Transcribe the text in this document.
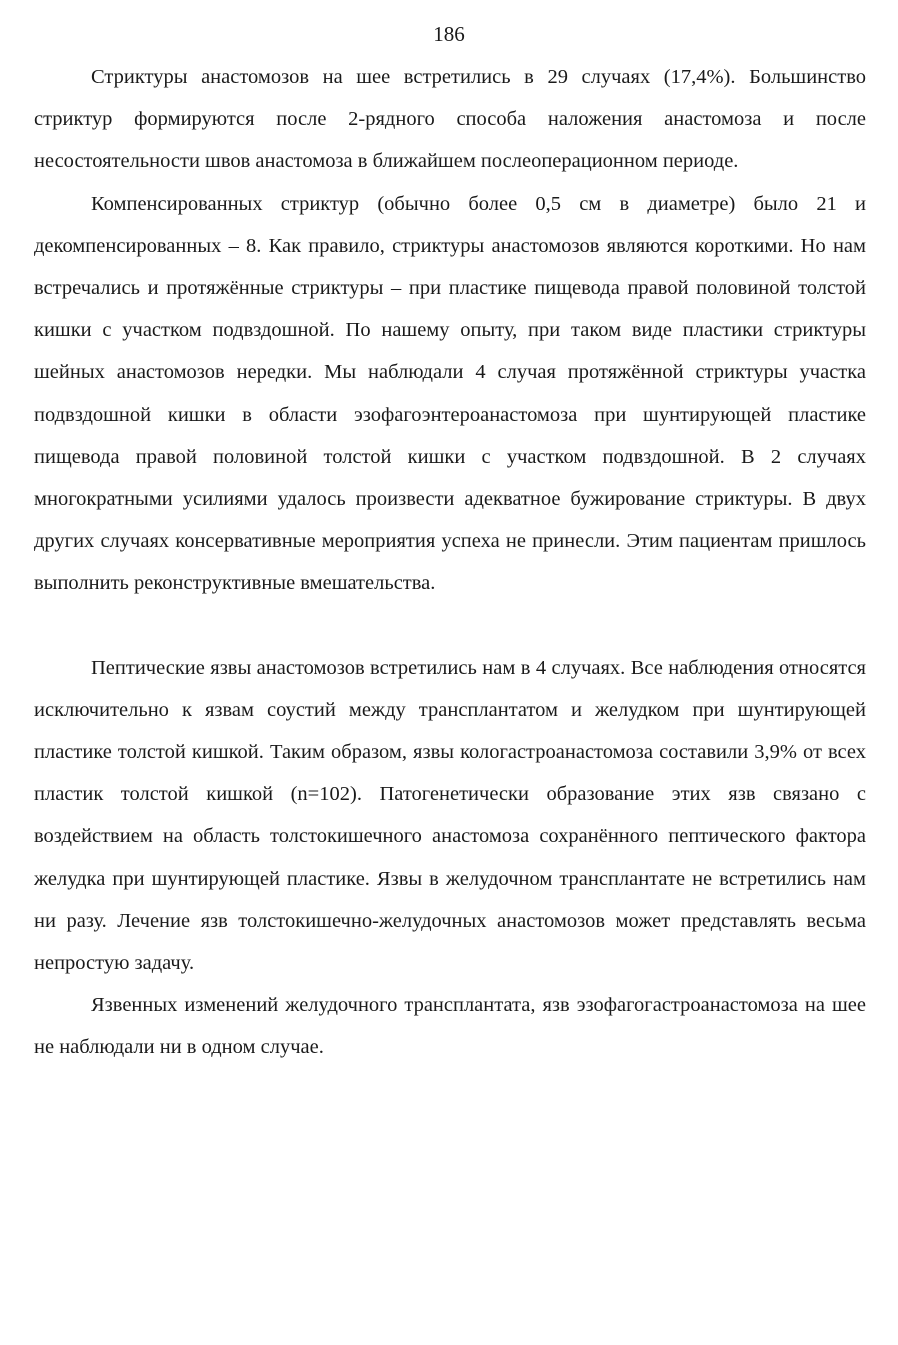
186

Стриктуры анастомозов на шее встретились в 29 случаях (17,4%). Большинство стриктур формируются после 2-рядного способа наложения анастомоза и после несостоятельности швов анастомоза в ближайшем послеоперационном периоде.

Компенсированных стриктур (обычно более 0,5 см в диаметре) было 21 и декомпенсированных – 8. Как правило, стриктуры анастомозов являются короткими. Но нам встречались и протяжённые стриктуры – при пластике пищевода правой половиной толстой кишки с участком подвздошной. По нашему опыту, при таком виде пластики стриктуры шейных анастомозов нередки. Мы наблюдали 4 случая протяжённой стриктуры участка подвздошной кишки в области эзофагоэнтероанастомоза при шунтирующей пластике пищевода правой половиной толстой кишки с участком подвздошной. В 2 случаях многократными усилиями удалось произвести адекватное бужирование стриктуры. В двух других случаях консервативные мероприятия успеха не принесли. Этим пациентам пришлось выполнить реконструктивные вмешательства.

Пептические язвы анастомозов встретились нам в 4 случаях. Все наблюдения относятся исключительно к язвам соустий между трансплантатом и желудком при шунтирующей пластике толстой кишкой. Таким образом, язвы кологастроанастомоза составили 3,9% от всех пластик толстой кишкой (n=102). Патогенетически образование этих язв связано с воздействием на область толстокишечного анастомоза сохранённого пептического фактора желудка при шунтирующей пластике. Язвы в желудочном трансплантате не встретились нам ни разу. Лечение язв толстокишечно-желудочных анастомозов может представлять весьма непростую задачу.

Язвенных изменений желудочного трансплантата, язв эзофагогастроанастомоза на шее не наблюдали ни в одном случае.
